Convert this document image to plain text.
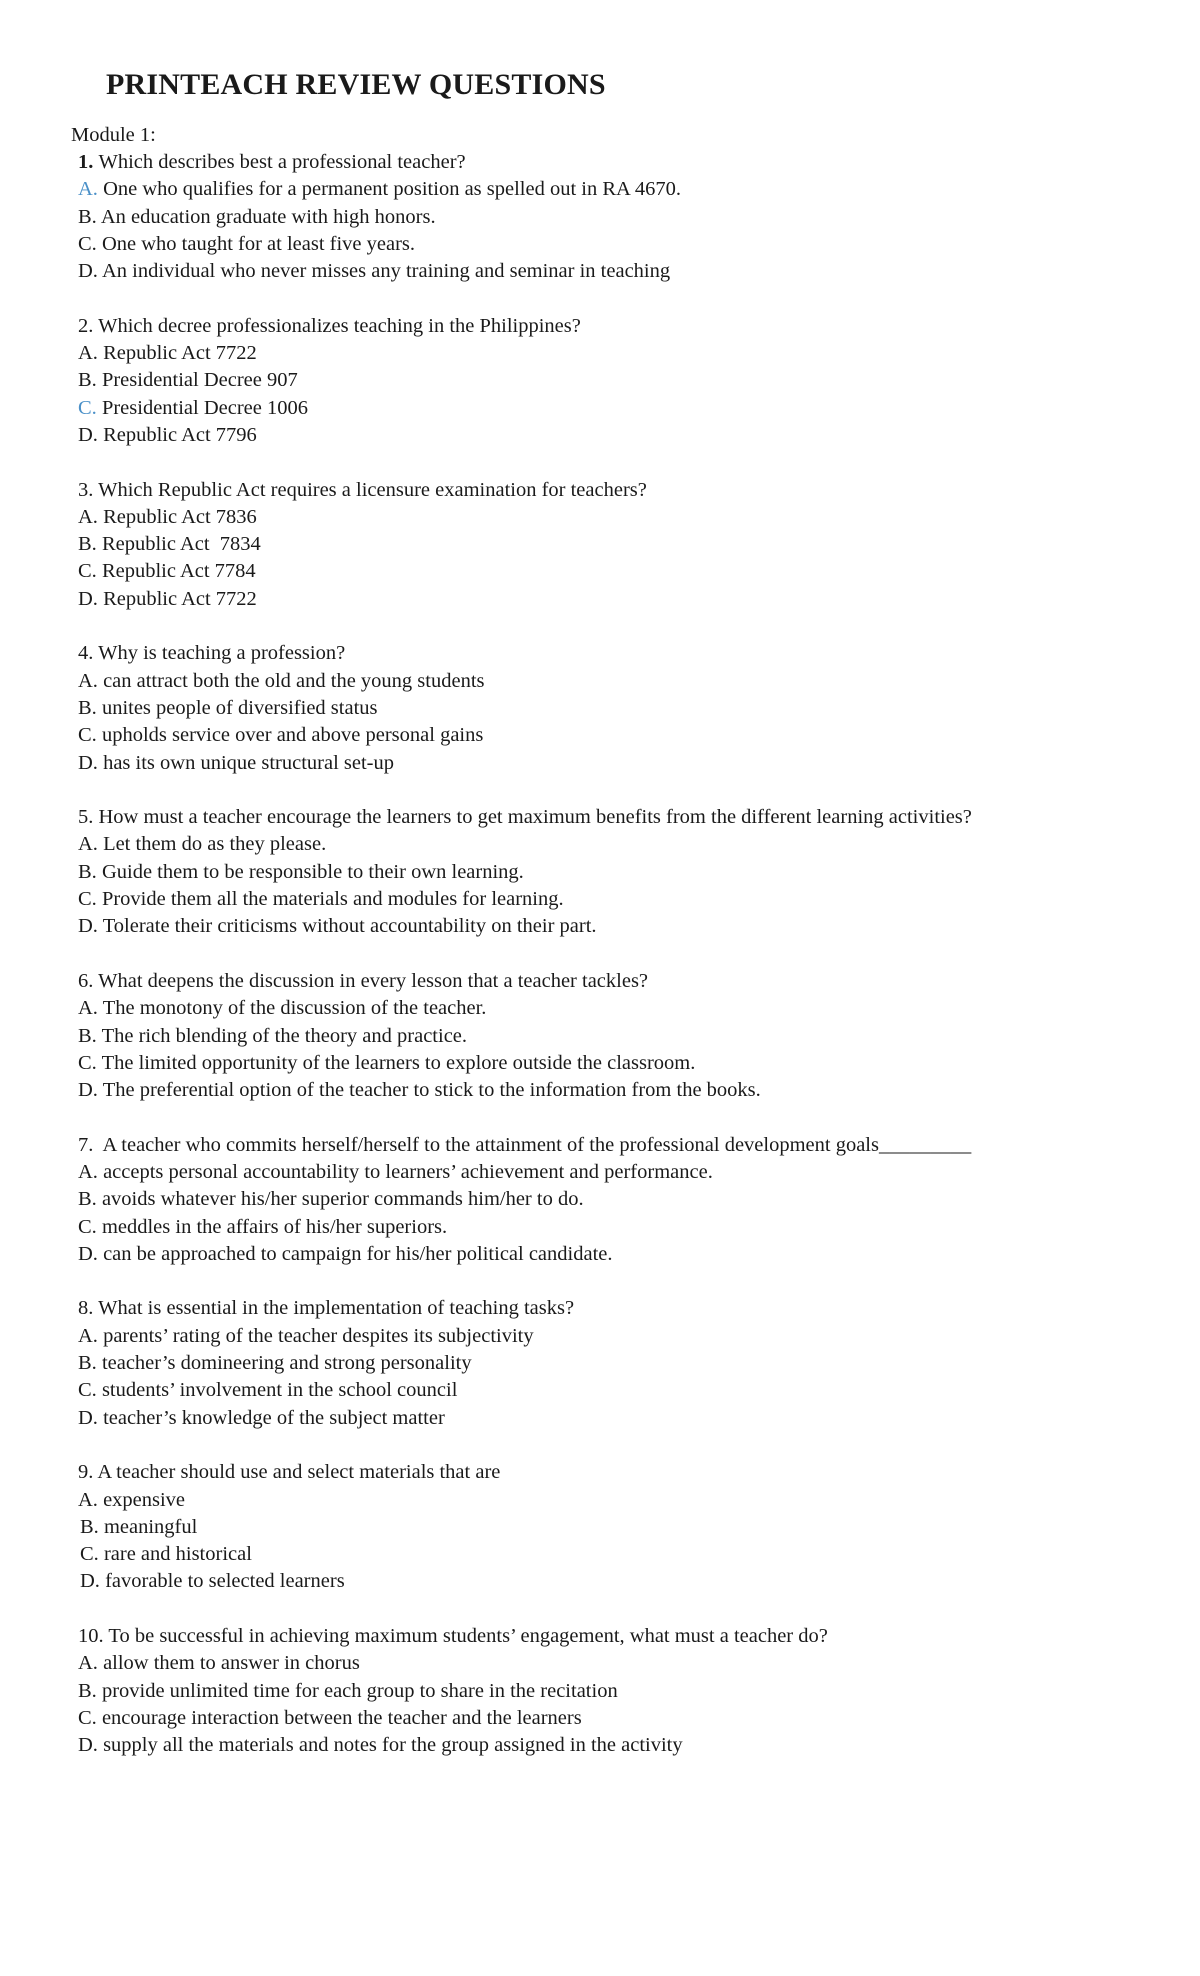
PRINTEACH REVIEW QUESTIONS
Module 1:
1. Which describes best a professional teacher?
A. One who qualifies for a permanent position as spelled out in RA 4670.
B. An education graduate with high honors.
C. One who taught for at least five years.
D. An individual who never misses any training and seminar in teaching
2. Which decree professionalizes teaching in the Philippines?
A. Republic Act 7722
B. Presidential Decree 907
C. Presidential Decree 1006
D. Republic Act 7796
3. Which Republic Act requires a licensure examination for teachers?
A. Republic Act 7836
B. Republic Act  7834
C. Republic Act 7784
D. Republic Act 7722
4. Why is teaching a profession?
A. can attract both the old and the young students
B. unites people of diversified status
C. upholds service over and above personal gains
D. has its own unique structural set-up
5. How must a teacher encourage the learners to get maximum benefits from the different learning activities?
A. Let them do as they please.
B. Guide them to be responsible to their own learning.
C. Provide them all the materials and modules for learning.
D. Tolerate their criticisms without accountability on their part.
6. What deepens the discussion in every lesson that a teacher tackles?
A. The monotony of the discussion of the teacher.
B. The rich blending of the theory and practice.
C. The limited opportunity of the learners to explore outside the classroom.
D. The preferential option of the teacher to stick to the information from the books.
7.  A teacher who commits herself/herself to the attainment of the professional development goals_________
A. accepts personal accountability to learners’ achievement and performance.
B. avoids whatever his/her superior commands him/her to do.
C. meddles in the affairs of his/her superiors.
D. can be approached to campaign for his/her political candidate.
8. What is essential in the implementation of teaching tasks?
A. parents’ rating of the teacher despites its subjectivity
B. teacher’s domineering and strong personality
C. students’ involvement in the school council
D. teacher’s knowledge of the subject matter
9. A teacher should use and select materials that are
A. expensive
B. meaningful
C. rare and historical
D. favorable to selected learners
10. To be successful in achieving maximum students’ engagement, what must a teacher do?
A. allow them to answer in chorus
B. provide unlimited time for each group to share in the recitation
C. encourage interaction between the teacher and the learners
D. supply all the materials and notes for the group assigned in the activity
